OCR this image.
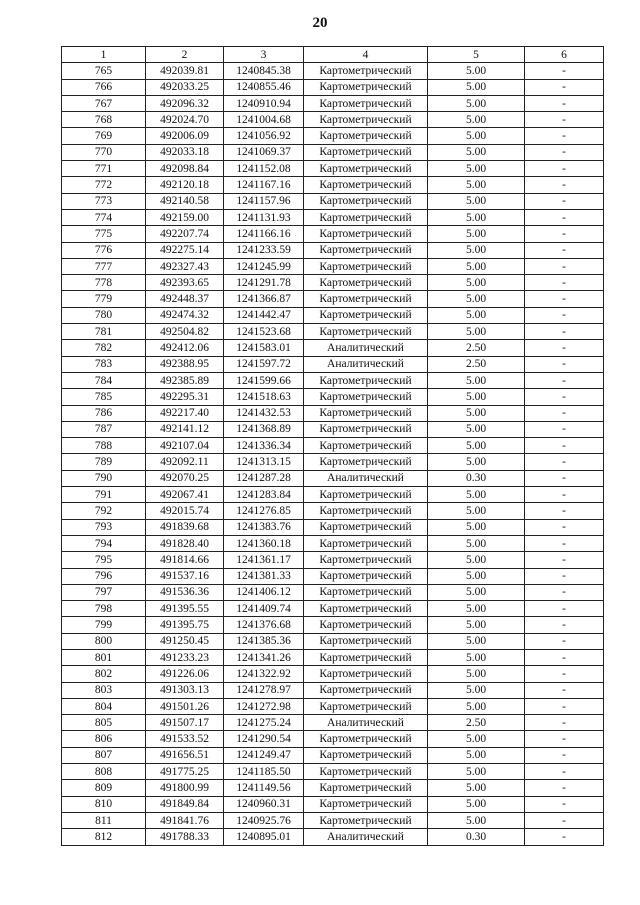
20
1	2	3	4	5	6
765	492039.81	1240845.38	Картометрический	5.00	-
766	492033.25	1240855.46	Картометрический	5.00	-
767	492096.32	1240910.94	Картометрический	5.00	-
768	492024.70	1241004.68	Картометрический	5.00	-
769	492006.09	1241056.92	Картометрический	5.00	-
770	492033.18	1241069.37	Картометрический	5.00	-
771	492098.84	1241152.08	Картометрический	5.00	-
772	492120.18	1241167.16	Картометрический	5.00	-
773	492140.58	1241157.96	Картометрический	5.00	-
774	492159.00	1241131.93	Картометрический	5.00	-
775	492207.74	1241166.16	Картометрический	5.00	-
776	492275.14	1241233.59	Картометрический	5.00	-
777	492327.43	1241245.99	Картометрический	5.00	-
778	492393.65	1241291.78	Картометрический	5.00	-
779	492448.37	1241366.87	Картометрический	5.00	-
780	492474.32	1241442.47	Картометрический	5.00	-
781	492504.82	1241523.68	Картометрический	5.00	-
782	492412.06	1241583.01	Аналитический	2.50	-
783	492388.95	1241597.72	Аналитический	2.50	-
784	492385.89	1241599.66	Картометрический	5.00	-
785	492295.31	1241518.63	Картометрический	5.00	-
786	492217.40	1241432.53	Картометрический	5.00	-
787	492141.12	1241368.89	Картометрический	5.00	-
788	492107.04	1241336.34	Картометрический	5.00	-
789	492092.11	1241313.15	Картометрический	5.00	-
790	492070.25	1241287.28	Аналитический	0.30	-
791	492067.41	1241283.84	Картометрический	5.00	-
792	492015.74	1241276.85	Картометрический	5.00	-
793	491839.68	1241383.76	Картометрический	5.00	-
794	491828.40	1241360.18	Картометрический	5.00	-
795	491814.66	1241361.17	Картометрический	5.00	-
796	491537.16	1241381.33	Картометрический	5.00	-
797	491536.36	1241406.12	Картометрический	5.00	-
798	491395.55	1241409.74	Картометрический	5.00	-
799	491395.75	1241376.68	Картометрический	5.00	-
800	491250.45	1241385.36	Картометрический	5.00	-
801	491233.23	1241341.26	Картометрический	5.00	-
802	491226.06	1241322.92	Картометрический	5.00	-
803	491303.13	1241278.97	Картометрический	5.00	-
804	491501.26	1241272.98	Картометрический	5.00	-
805	491507.17	1241275.24	Аналитический	2.50	-
806	491533.52	1241290.54	Картометрический	5.00	-
807	491656.51	1241249.47	Картометрический	5.00	-
808	491775.25	1241185.50	Картометрический	5.00	-
809	491800.99	1241149.56	Картометрический	5.00	-
810	491849.84	1240960.31	Картометрический	5.00	-
811	491841.76	1240925.76	Картометрический	5.00	-
812	491788.33	1240895.01	Аналитический	0.30	-
